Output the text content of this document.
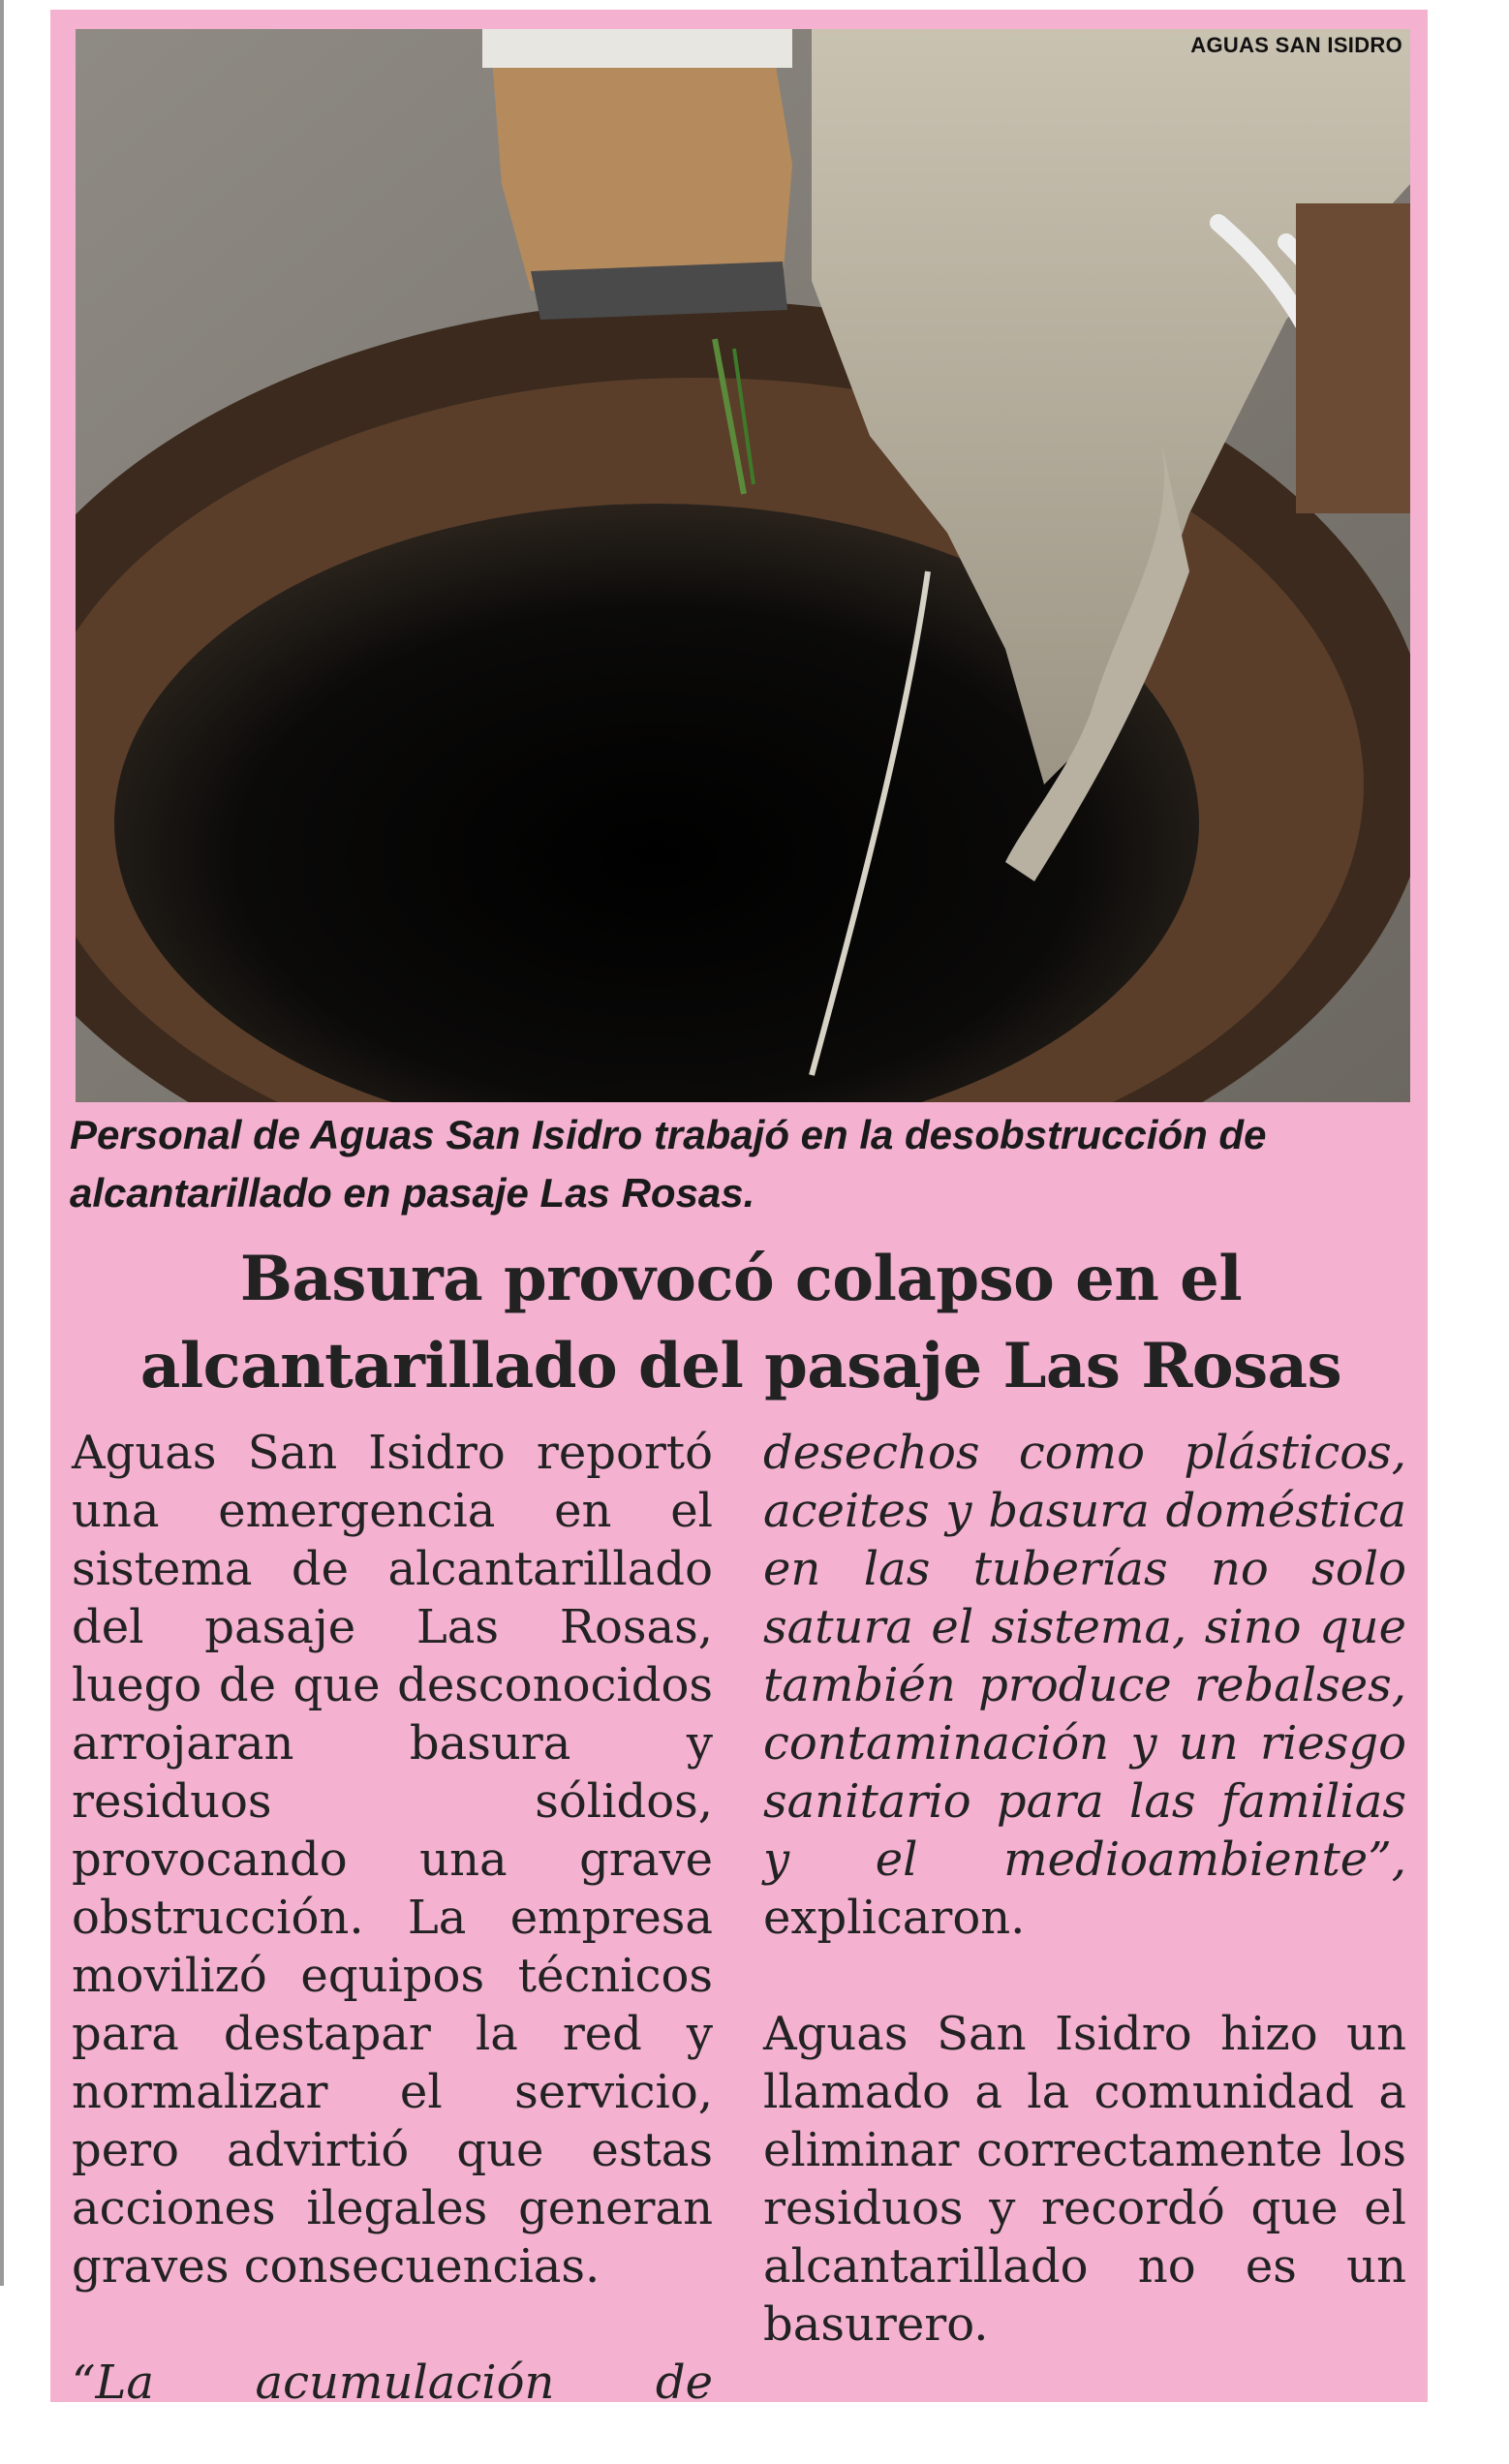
AGUAS SAN ISIDRO

Personal de Aguas San Isidro trabajó en la desobstrucción de alcantarillado en pasaje Las Rosas.

Basura provocó colapso en el alcantarillado del pasaje Las Rosas

Aguas San Isidro reportó una emergencia en el sistema de alcantarillado del pasaje Las Rosas, luego de que desconocidos arrojaran basura y residuos sólidos, provocando una grave obstrucción. La empresa movilizó equipos técnicos para destapar la red y normalizar el servicio, pero advirtió que estas acciones ilegales generan graves consecuencias.

“La acumulación de

desechos como plásticos, aceites y basura doméstica en las tuberías no solo satura el sistema, sino que también produce rebalses, contaminación y un riesgo sanitario para las familias y el medioambiente”, explicaron.

Aguas San Isidro hizo un llamado a la comunidad a eliminar correctamente los residuos y recordó que el alcantarillado no es un basurero.
